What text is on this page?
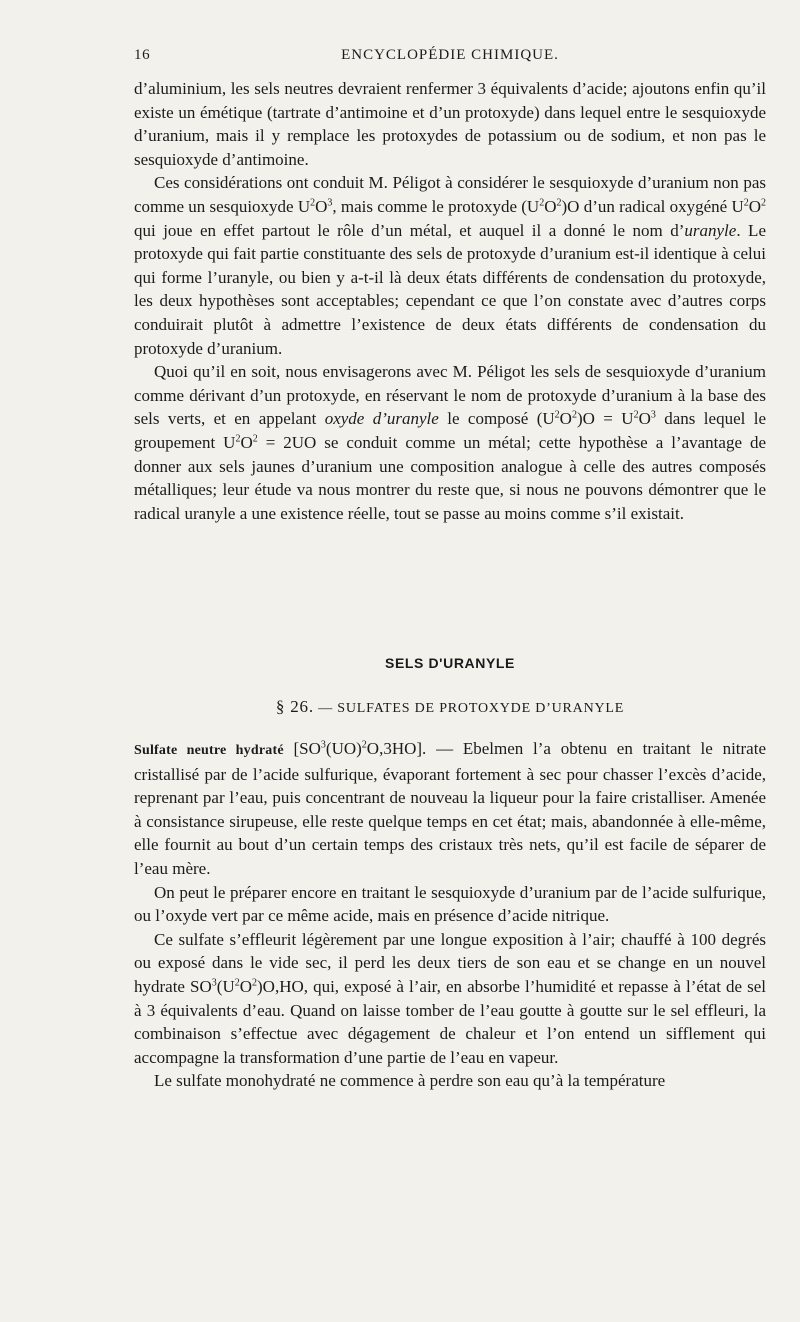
16	ENCYCLOPÉDIE CHIMIQUE.

d’aluminium, les sels neutres devraient renfermer 3 équivalents d’acide; ajoutons enfin qu’il existe un émétique (tartrate d’antimoine et d’un protoxyde) dans lequel entre le sesquioxyde d’uranium, mais il y remplace les protoxydes de potassium ou de sodium, et non pas le sesquioxyde d’antimoine.

Ces considérations ont conduit M. Péligot à considérer le sesquioxyde d’uranium non pas comme un sesquioxyde $U^2O^3$, mais comme le protoxyde $(U^2O^2)O$ d’un radical oxygéné $U^2O^2$ qui joue en effet partout le rôle d’un métal, et auquel il a donné le nom d’uranyle. Le protoxyde qui fait partie constituante des sels de protoxyde d’uranium est-il identique à celui qui forme l’uranyle, ou bien y a-t-il là deux états différents de condensation du protoxyde, les deux hypothèses sont acceptables; cependant ce que l’on constate avec d’autres corps conduirait plutôt à admettre l’existence de deux états différents de condensation du protoxyde d’uranium.

Quoi qu’il en soit, nous envisagerons avec M. Péligot les sels de sesquioxyde d’uranium comme dérivant d’un protoxyde, en réservant le nom de protoxyde d’uranium à la base des sels verts, et en appelant oxyde d’uranyle le composé $(U^2O^2)O = U^2O^3$ dans lequel le groupement $U^2O^2 = 2UO$ se conduit comme un métal; cette hypothèse a l’avantage de donner aux sels jaunes d’uranium une composition analogue à celle des autres composés métalliques; leur étude va nous montrer du reste que, si nous ne pouvons démontrer que le radical uranyle a une existence réelle, tout se passe au moins comme s’il existait.

SELS D'URANYLE
§ 26. — SULFATES DE PROTOXYDE D’URANYLE

Sulfate neutre hydraté $[SO^3(UO)^2O,3HO]$. — Ebelmen l’a obtenu en traitant le nitrate cristallisé par de l’acide sulfurique, évaporant fortement à sec pour chasser l’excès d’acide, reprenant par l’eau, puis concentrant de nouveau la liqueur pour la faire cristalliser. Amenée à consistance sirupeuse, elle reste quelque temps en cet état; mais, abandonnée à elle-même, elle fournit au bout d’un certain temps des cristaux très nets, qu’il est facile de séparer de l’eau mère.

On peut le préparer encore en traitant le sesquioxyde d’uranium par de l’acide sulfurique, ou l’oxyde vert par ce même acide, mais en présence d’acide nitrique.

Ce sulfate s’effleurit légèrement par une longue exposition à l’air; chauffé à 100 degrés ou exposé dans le vide sec, il perd les deux tiers de son eau et se change en un nouvel hydrate $SO^3(U^2O^2)O,HO$, qui, exposé à l’air, en absorbe l’humidité et repasse à l’état de sel à 3 équivalents d’eau. Quand on laisse tomber de l’eau goutte à goutte sur le sel effleuri, la combinaison s’effectue avec dégagement de chaleur et l’on entend un sifflement qui accompagne la transformation d’une partie de l’eau en vapeur.

Le sulfate monohydraté ne commence à perdre son eau qu’à la température
